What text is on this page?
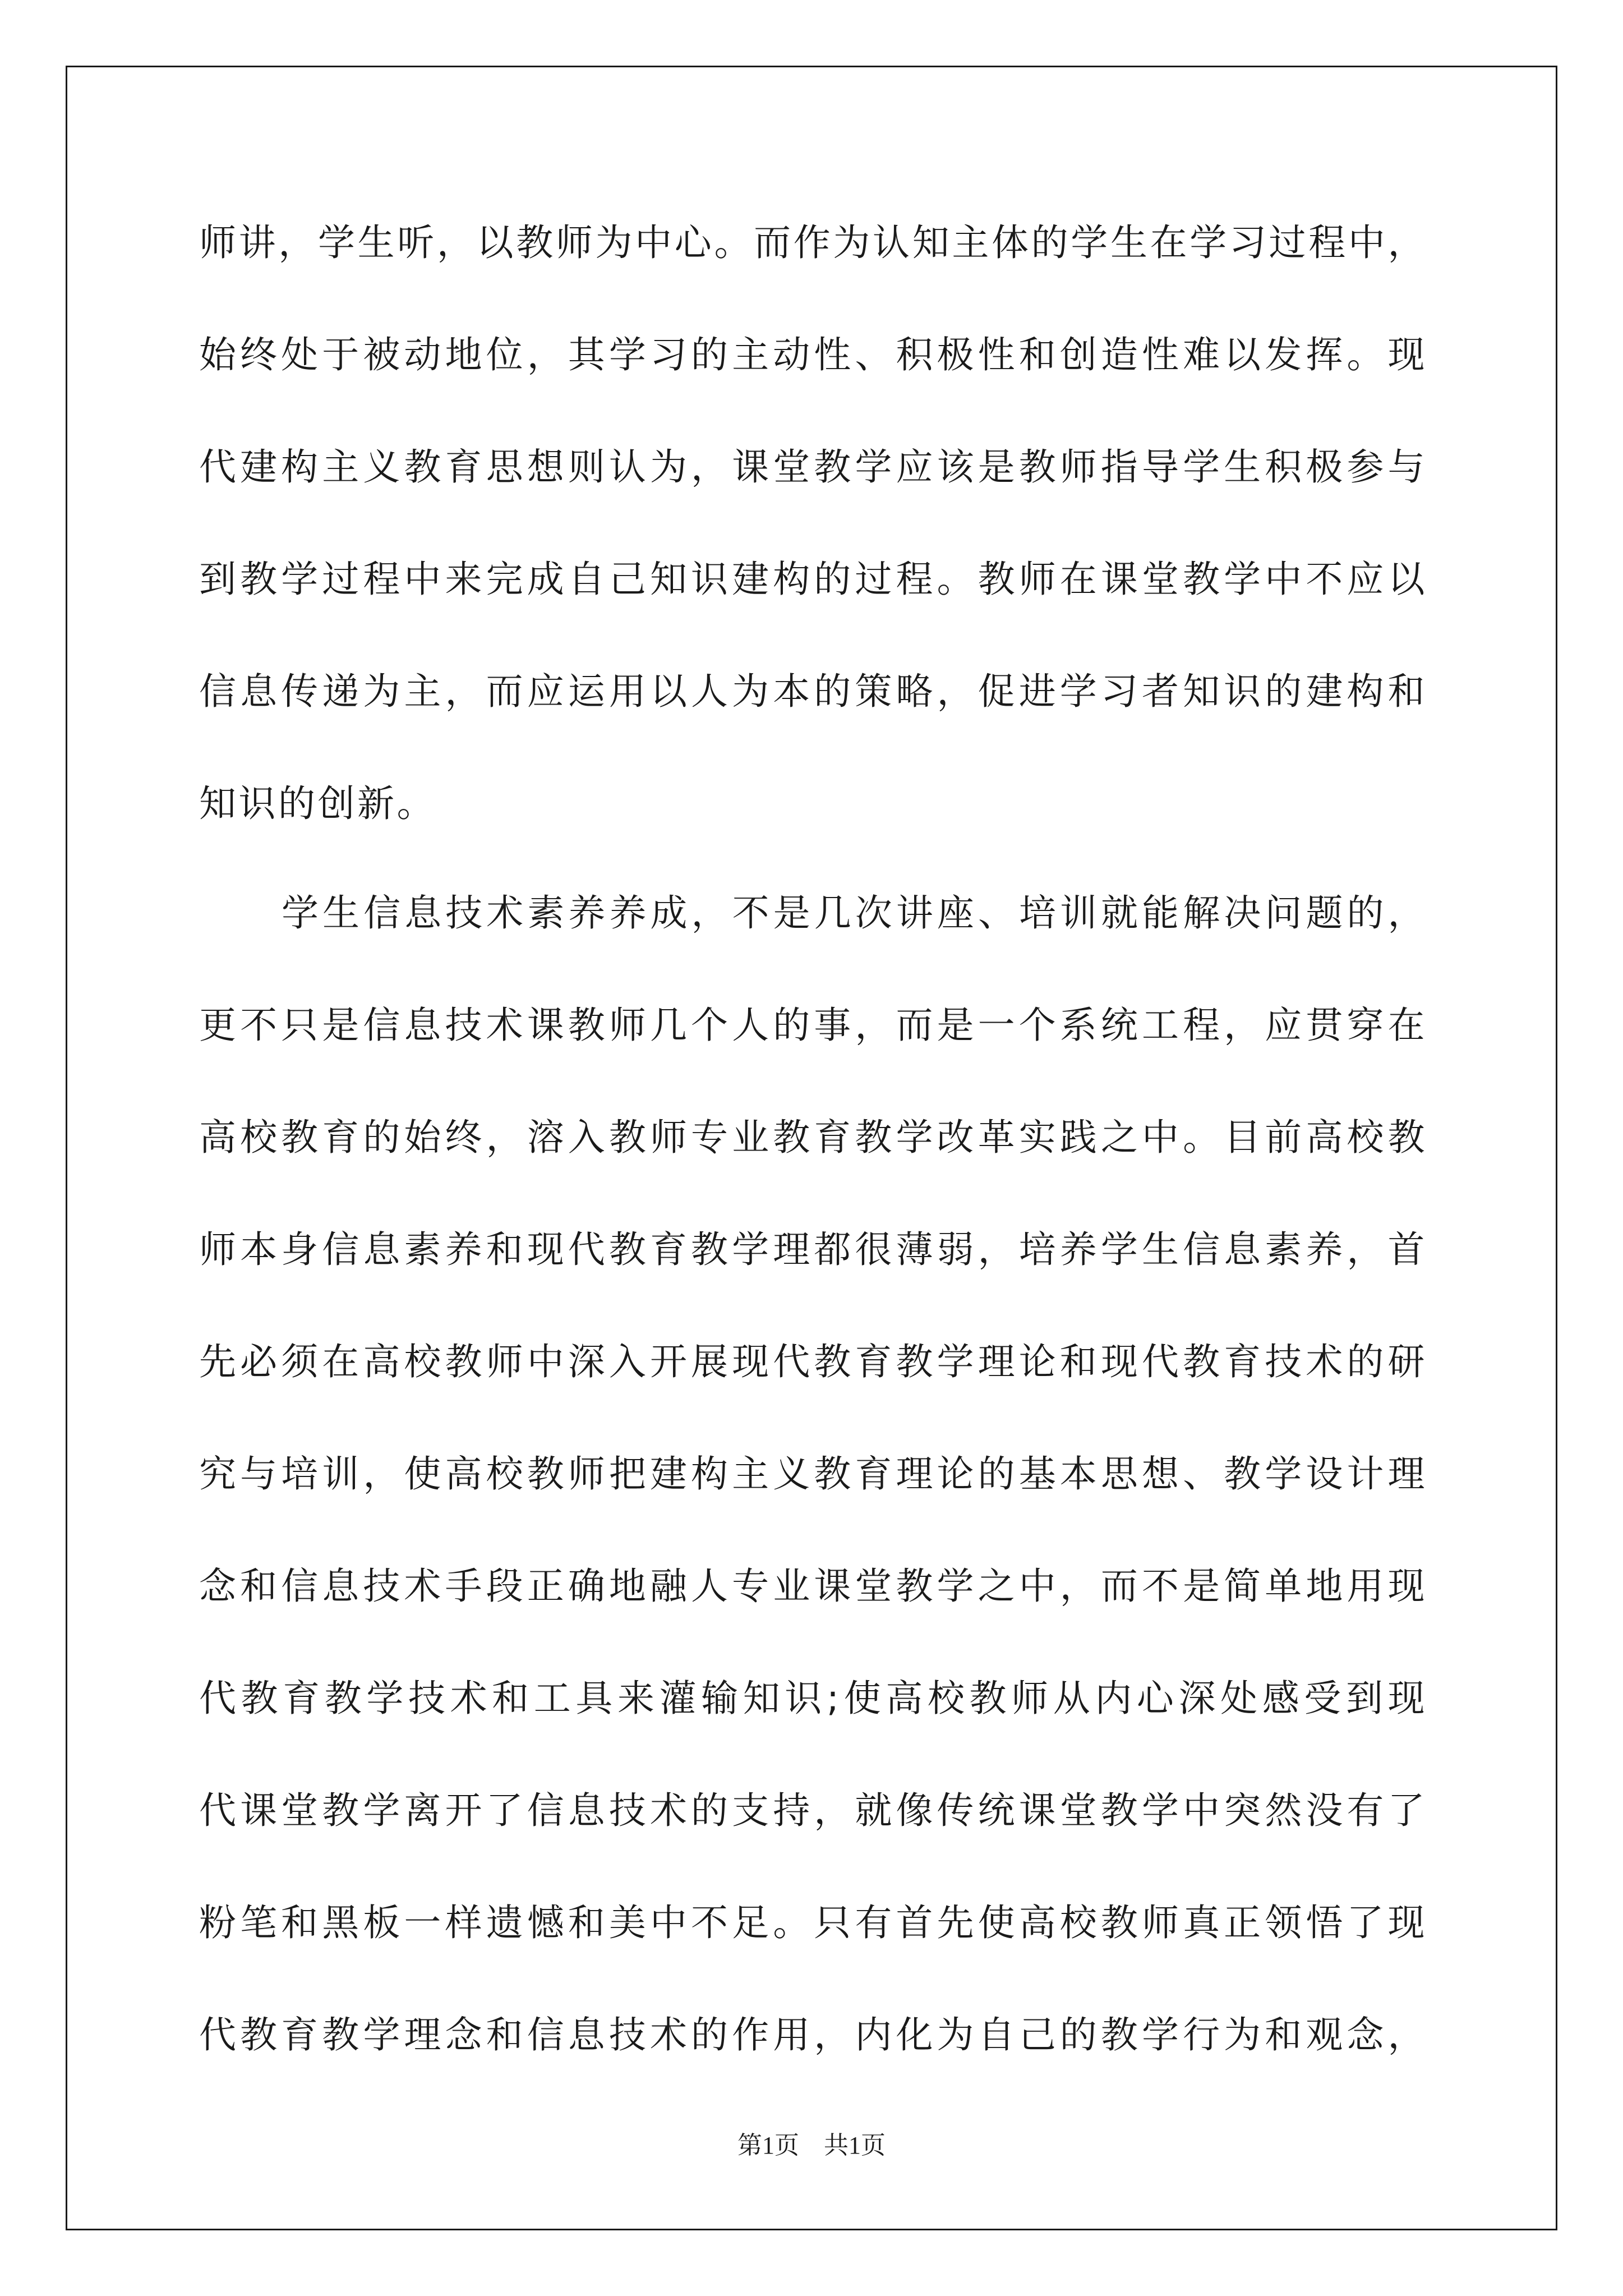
师讲，学生听，以教师为中心。而作为认知主体的学生在学习过程中，
始终处于被动地位，其学习的主动性、积极性和创造性难以发挥。现
代建构主义教育思想则认为，课堂教学应该是教师指导学生积极参与
到教学过程中来完成自己知识建构的过程。教师在课堂教学中不应以
信息传递为主，而应运用以人为本的策略，促进学习者知识的建构和
知识的创新。
学生信息技术素养养成，不是几次讲座、培训就能解决问题的，
更不只是信息技术课教师几个人的事，而是一个系统工程，应贯穿在
高校教育的始终，溶入教师专业教育教学改革实践之中。目前高校教
师本身信息素养和现代教育教学理都很薄弱，培养学生信息素养，首
先必须在高校教师中深入开展现代教育教学理论和现代教育技术的研
究与培训，使高校教师把建构主义教育理论的基本思想、教学设计理
念和信息技术手段正确地融人专业课堂教学之中，而不是简单地用现
代教育教学技术和工具来灌输知识;使高校教师从内心深处感受到现
代课堂教学离开了信息技术的支持，就像传统课堂教学中突然没有了
粉笔和黑板一样遗憾和美中不足。只有首先使高校教师真正领悟了现
代教育教学理念和信息技术的作用，内化为自己的教学行为和观念，
第1页　共1页
